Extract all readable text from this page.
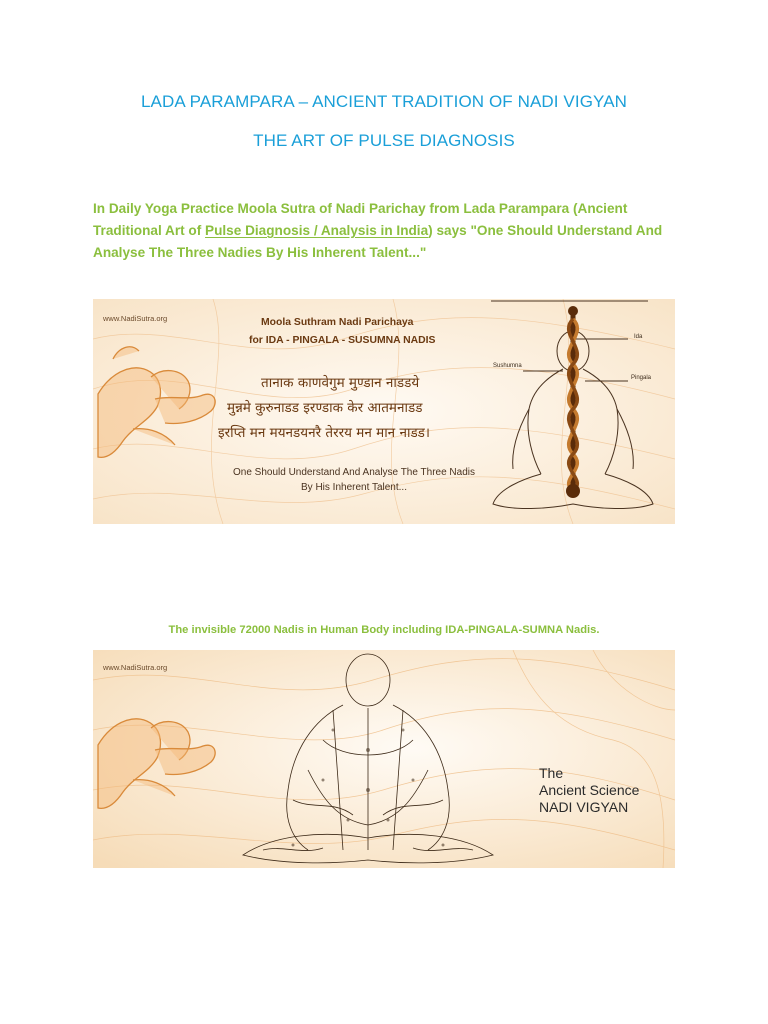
LADA PARAMPARA – ANCIENT TRADITION OF NADI VIGYAN
THE ART OF PULSE DIAGNOSIS

In Daily Yoga Practice Moola Sutra of Nadi Parichay from Lada Parampara (Ancient Traditional Art of Pulse Diagnosis / Analysis in India) says "One Should Understand And Analyse The Three Nadies By His Inherent Talent..."

www.NadiSutra.org	Moola Suthram Nadi Parichaya
for IDA - PINGALA - SUSUMNA NADIS
तानाक काणवेगुम मुण्डान नाडडये
मुन्नमे कुरुनाडड इरण्डाक केर आतमनाडड
इरप्ति मन मयनडयनरै तेररय मन मान नाडड।
One Should Understand And Analyse The Three Nadis By His Inherent Talent...
Ida
Sushumna
Pingala
The invisible 72000 Nadis in Human Body including IDA-PINGALA-SUMNA Nadis.
www.NadiSutra.org
The
Ancient Science
NADI VIGYAN
